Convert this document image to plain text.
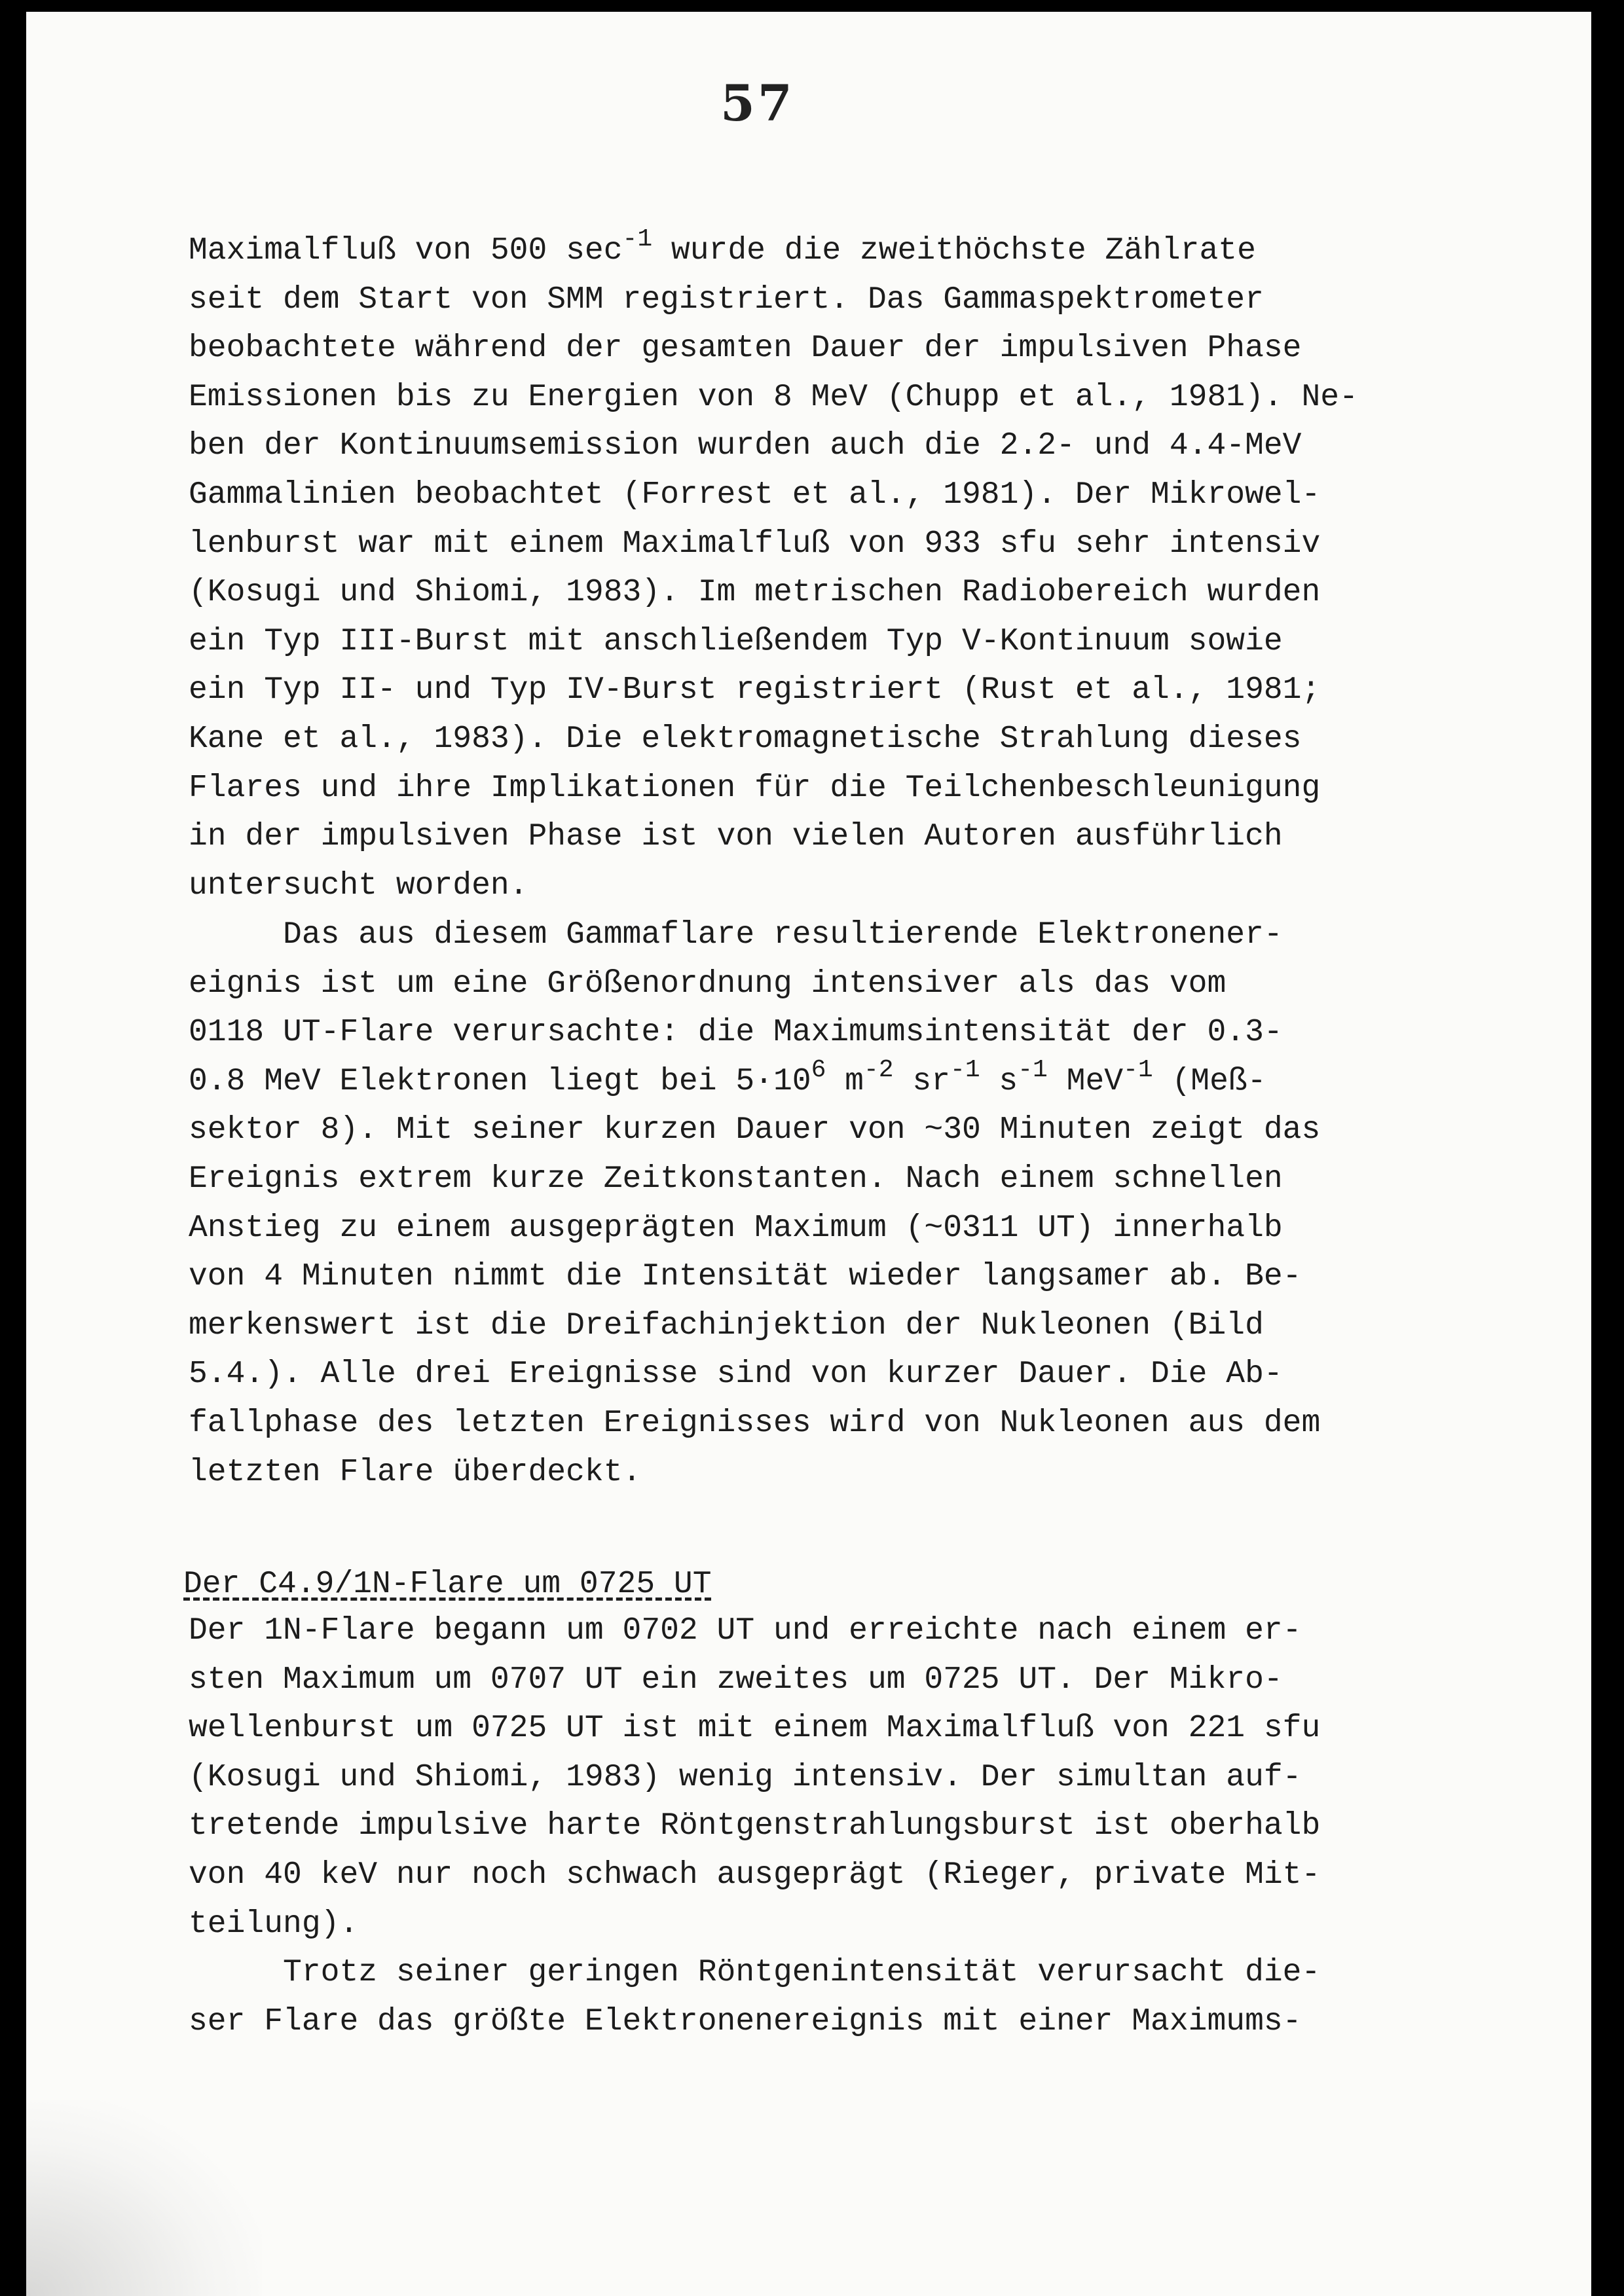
57
Maximalfluß von 500 $\sec^{-1}$ wurde die zweithöchste Zählrate
seit dem Start von SMM registriert. Das Gammaspektrometer
beobachtete während der gesamten Dauer der impulsiven Phase
Emissionen bis zu Energien von 8 MeV (Chupp et al., 1981). Ne-
ben der Kontinuumsemission wurden auch die 2.2- und 4.4-MeV
Gammalinien beobachtet (Forrest et al., 1981). Der Mikrowel-
lenburst war mit einem Maximalfluß von 933 sfu sehr intensiv
(Kosugi und Shiomi, 1983). Im metrischen Radiobereich wurden
ein Typ III-Burst mit anschließendem Typ V-Kontinuum sowie
ein Typ II- und Typ IV-Burst registriert (Rust et al., 1981;
Kane et al., 1983). Die elektromagnetische Strahlung dieses
Flares und ihre Implikationen für die Teilchenbeschleunigung
in der impulsiven Phase ist von vielen Autoren ausführlich
untersucht worden.
Das aus diesem Gammaflare resultierende Elektronener-
eignis ist um eine Größenordnung intensiver als das vom
0118 UT-Flare verursachte: die Maximumsintensität der 0.3-
0.8 MeV Elektronen liegt bei $5\cdot 10^6$ $m^{-2}$ $sr^{-1}$ $s^{-1}$ MeV$^{-1}$ (Meß-
sektor 8). Mit seiner kurzen Dauer von ~30 Minuten zeigt das
Ereignis extrem kurze Zeitkonstanten. Nach einem schnellen
Anstieg zu einem ausgeprägten Maximum (~0311 UT) innerhalb
von 4 Minuten nimmt die Intensität wieder langsamer ab. Be-
merkenswert ist die Dreifachinjektion der Nukleonen (Bild
5.4.). Alle drei Ereignisse sind von kurzer Dauer. Die Ab-
fallphase des letzten Ereignisses wird von Nukleonen aus dem
letzten Flare überdeckt.
Der C4.9/1N-Flare um 0725 UT
Der 1N-Flare begann um 0702 UT und erreichte nach einem er-
sten Maximum um 0707 UT ein zweites um 0725 UT. Der Mikro-
wellenburst um 0725 UT ist mit einem Maximalfluß von 221 sfu
(Kosugi und Shiomi, 1983) wenig intensiv. Der simultan auf-
tretende impulsive harte Röntgenstrahlungsburst ist oberhalb
von 40 keV nur noch schwach ausgeprägt (Rieger, private Mit-
teilung).
Trotz seiner geringen Röntgenintensität verursacht die-
ser Flare das größte Elektronenereignis mit einer Maximums-
